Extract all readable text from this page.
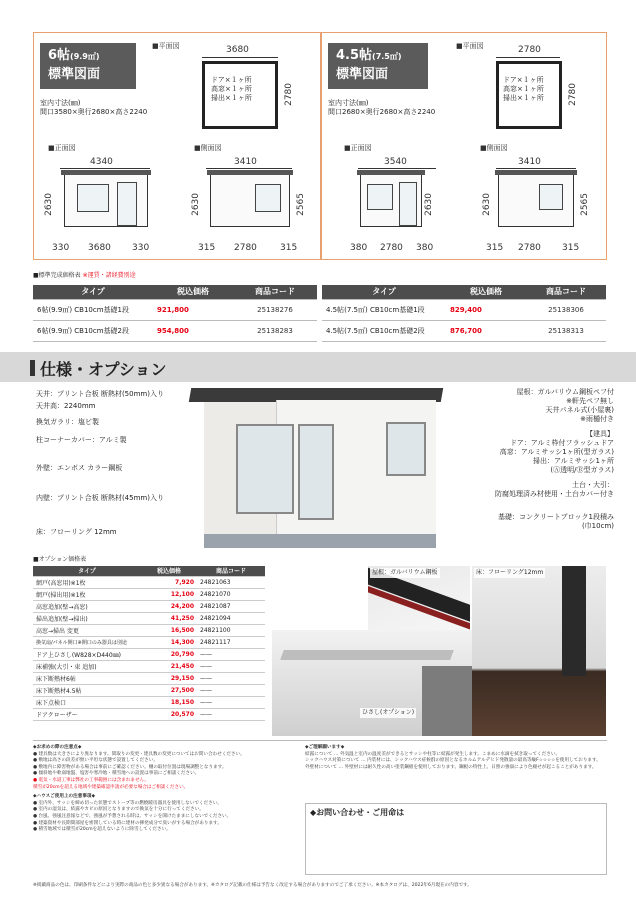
6帖(9.9㎡)
標準図面
■平面図	3680
ドア×１ヶ所
高窓×１ヶ所
掃出×１ヶ所	2780
室内寸法(㎜)
間口3580×奥行2680×高さ2240
■正面図	■側面図
4340
2630
330 3680 330
3410
2630	2565
315 2780	315
4.5帖(7.5㎡)
標準図面
■平面図	2780
ドア×１ヶ所
高窓×１ヶ所
掃出×１ヶ所	2780
室内寸法(㎜)
間口2680×奥行2680×高さ2240
■正面図	■側面図
3540
2630
380 2780 380
3410
2630	2565
315 2780 315
■標準完成価格表 ※運賃・諸経費別途
タイプ	税込価格	商品コード
6帖(9.9㎡) CB10cm基礎1段	921,800	25138276
6帖(9.9㎡) CB10cm基礎2段	954,800	25138283
タイプ	税込価格	商品コード
4.5帖(7.5㎡) CB10cm基礎1段	829,400	25138306
4.5帖(7.5㎡) CB10cm基礎2段	876,700	25138313
仕様・オプション
天井：プリント合板 断熱材(50mm)入り
天井高：2240mm
換気ガラリ：塩ビ製
柱コーナーカバー：アルミ製
外壁：エンボス カラー鋼板
内壁：プリント合板 断熱材(45mm)入り
床：フローリング 12mm
屋根：ガルバリウム鋼板ペフ付
※軒先ペフ無し
天井パネル式(小屋裏)
※雨樋付き
【建具】
ドア：アルミ枠付フラッシュドア
高窓：アルミサッシ1ヶ所(型ガラス)
掃出：アルミサッシ1ヶ所
(Ⓐ透明/Ⓑ型ガラス)
土台・大引：
防腐処理済み材使用・土台カバー付き
基礎：コンクリートブロック1段積み
(巾10cm)
■オプション価格表
タイプ	税込価格	商品コード
網戸(高窓用)※1枚	7,920	24821063
網戸(掃出用)※1枚	12,100	24821070
高窓追加(壁→高窓)	24,200	24821087
掃出追加(壁→掃出)	41,250	24821094
高窓→掃出 変更	16,500	24821100
換気扇/パネル開口※開口のみ器具は別途	14,300	24821117
ドア上ひさし(W828×D440㎜)	20,790	——
床補強(大引・束 追加)	21,450	——
床下断熱材6帖	29,150	——
床下断熱材4.5帖	27,500	——
床下点検口	18,150	——
ドアクローザー	20,570	——
屋根：ガルバリウム鋼板	床：フローリング12mm
ひさし(オプション)
◆お求めの際の注意点◆
● 建具数は大きさにより異なります。間取りの変更・建具数の変更についてはお問い合わせください。
● 敷地は高さの段差が無い平坦な状態で設置してください。
● 敷地内に障害物がある場合は事前にご確認ください。樋の取付位置は現場調整となります。
● 傾斜地や軟弱地盤、塩害や寒冷地・積雪地への設置は事前にご相談ください。
● 電気・水道工事は弊社の工事範囲には含まれません。
積雪が20cmを超える地域や建築確認申請が必要な場合はご相談ください。
◆ハウスご使用上の注意事項◆
● 室内外、サッシを締め切った状態でストーブ等の燃焼暖房器具を使用しないでください。
● 室内の湿気は、結露やカビの原因となりますので換気を十分に行ってください。
● 台風、強風注意報などで、強風が予想される時は、サッシを開けたままにしないでください。
● 建築資材や長期間部屋を密閉している時に建材の揮発成分で臭いがする場合があります。
● 積雪地域では積雪が20cmを超えないように除雪してください。
◆ご理解願います◆
結露について … 外気温と室内の温度差ができるとサッシや柱等に結露が発生します。こまめに水滴を拭き取ってください。
シックハウス対策について … 内装材には、シックハウス症候群の原因となるホルムアルデヒド発散量の最高等級F☆☆☆☆を使用しております。
外壁材について … 外壁材には耐久性の高い塗装鋼板を使用しております。鋼板の特性上、日照の強弱により色褪せが起こることがあります。
◆お問い合わせ・ご用命は
※掲載商品の色は、印刷条件などにより実際の商品の色と多少異なる場合があります。※カタログ記載の仕様は予告なく改定する場合がありますのでご了承ください。※本カタログは、2022年6月現在の内容です。
